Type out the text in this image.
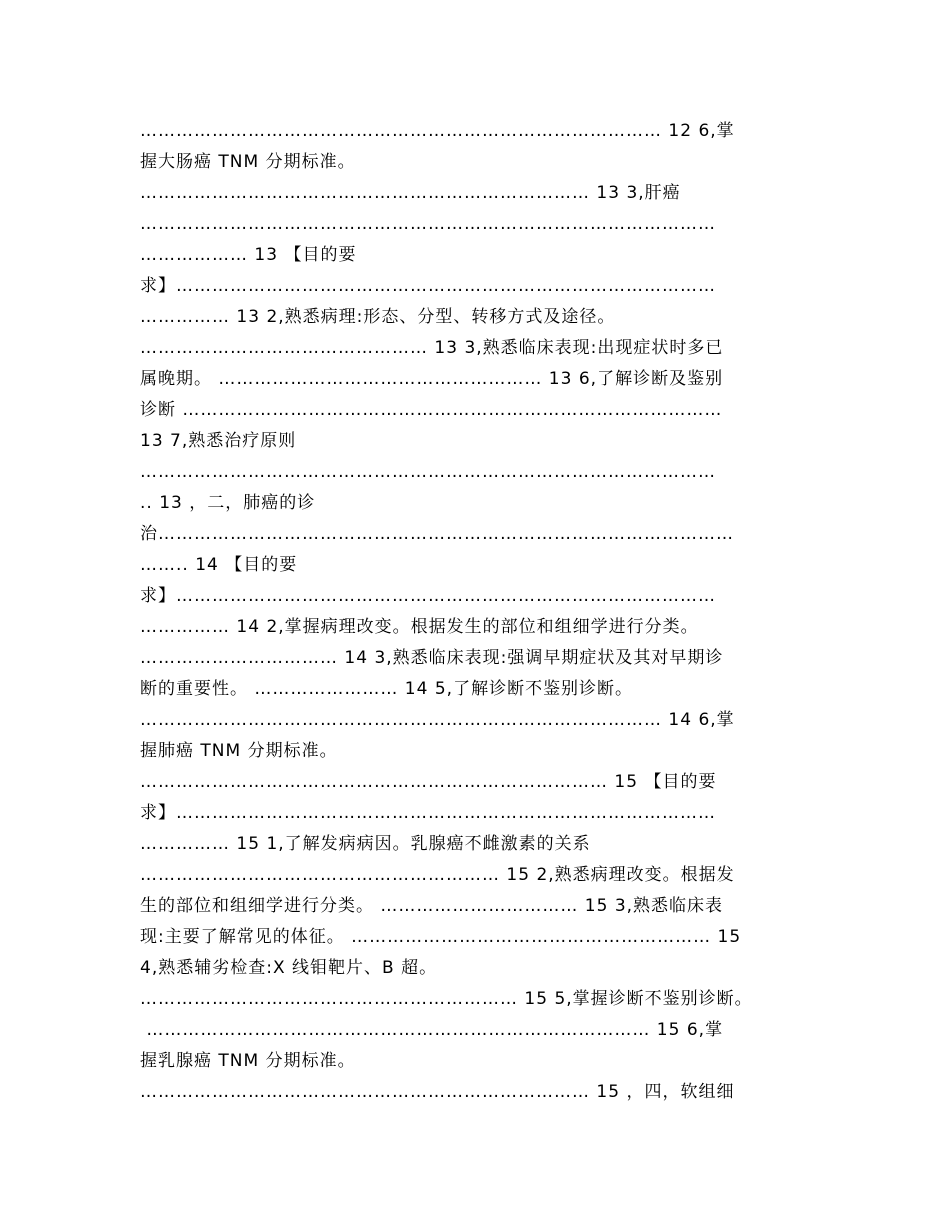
…………………………………………………………………………… 12 6,掌
握大肠癌 TNM 分期标准。
………………………………………………………………… 13 3,肝癌
……………………………………………………………………………………
……………… 13 【目的要
求】………………………………………………………………………………
…………… 13 2,熟悉病理:形态、分型、转移方式及途径。
………………………………………… 13 3,熟悉临床表现:出现症状时多已
属晚期。 ……………………………………………… 13 6,了解诊断及鉴别
诊断 ………………………………………………………………………………
13 7,熟悉治疗原则
……………………………………………………………………………………
.. 13 ，二，肺癌的诊
治……………………………………………………………………………………
…….. 14 【目的要
求】………………………………………………………………………………
…………… 14 2,掌握病理改变。根据发生的部位和组细学进行分类。
…………………………… 14 3,熟悉临床表现:强调早期症状及其对早期诊
断的重要性。 …………………… 14 5,了解诊断不鉴别诊断。
…………………………………………………………………………… 14 6,掌
握肺癌 TNM 分期标准。
…………………………………………………………………… 15 【目的要
求】………………………………………………………………………………
…………… 15 1,了解发病病因。乳腺癌不雌激素的关系
…………………………………………………… 15 2,熟悉病理改变。根据发
生的部位和组细学进行分类。 …………………………… 15 3,熟悉临床表
现:主要了解常见的体征。 …………………………………………………… 15
4,熟悉辅劣检查:X 线钼靶片、B 超。
……………………………………………………… 15 5,掌握诊断不鉴别诊断。
………………………………………………………………………… 15 6,掌
握乳腺癌 TNM 分期标准。
………………………………………………………………… 15 ，四，软组细
